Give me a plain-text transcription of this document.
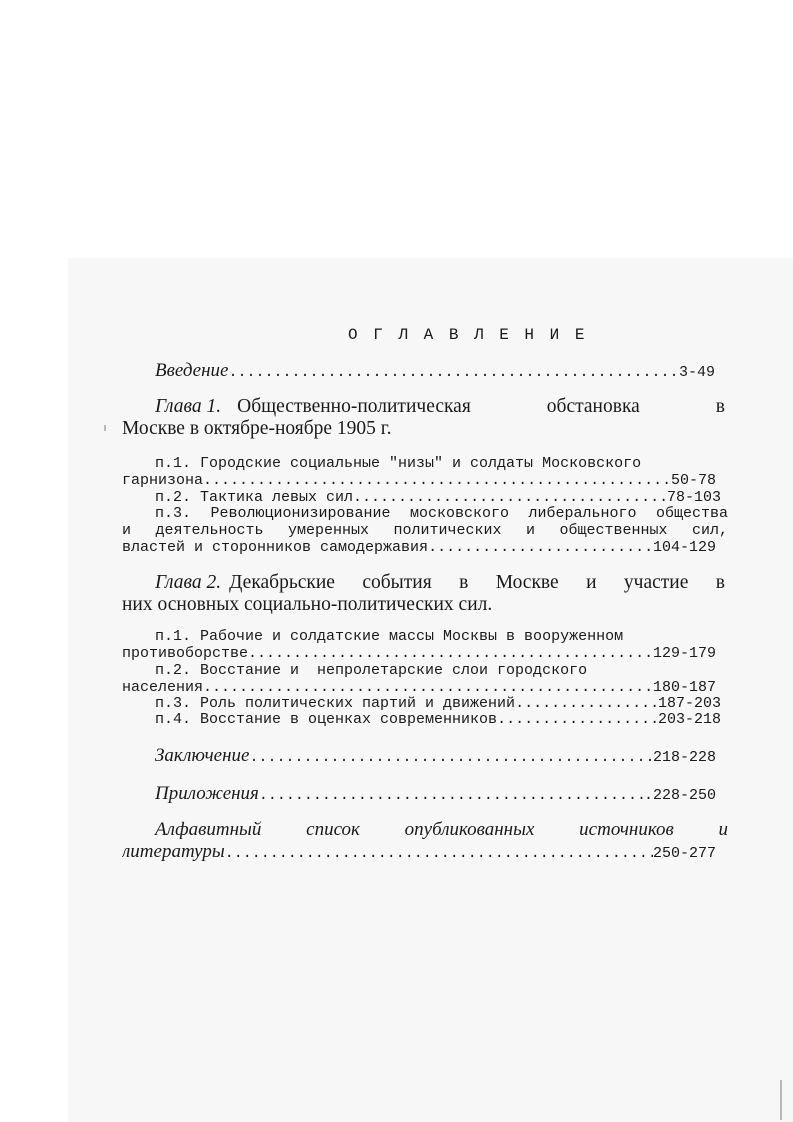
О Г Л А В Л Е Н И Е
Введение .....	3-49
Глава 1. Общественно-политическая обстановка в
Москве в октябре-ноябре 1905 г.
п.1. Городские социальные "низы" и солдаты Московского
гарнизона .....	50-78
п.2. Тактика левых сил .....	78-103
п.3. Революционизирование московского либерального общества
и деятельность умеренных политических и общественных сил,
властей и сторонников самодержавия .....	104-129
Глава 2. Декабрьские события в Москве и участие в
них основных социально-политических сил.
п.1. Рабочие и солдатские массы Москвы в вооруженном
противоборстве .....	129-179
п.2. Восстание и  непролетарские слои городского
населения .....	180-187
п.3. Роль политических партий и движений .....	187-203
п.4. Восстание в оценках современников .....	203-218
Заключение .....	218-228
Приложения .....	.228-250
Алфавитный список опубликованных источников и
литературы .....	250-277
